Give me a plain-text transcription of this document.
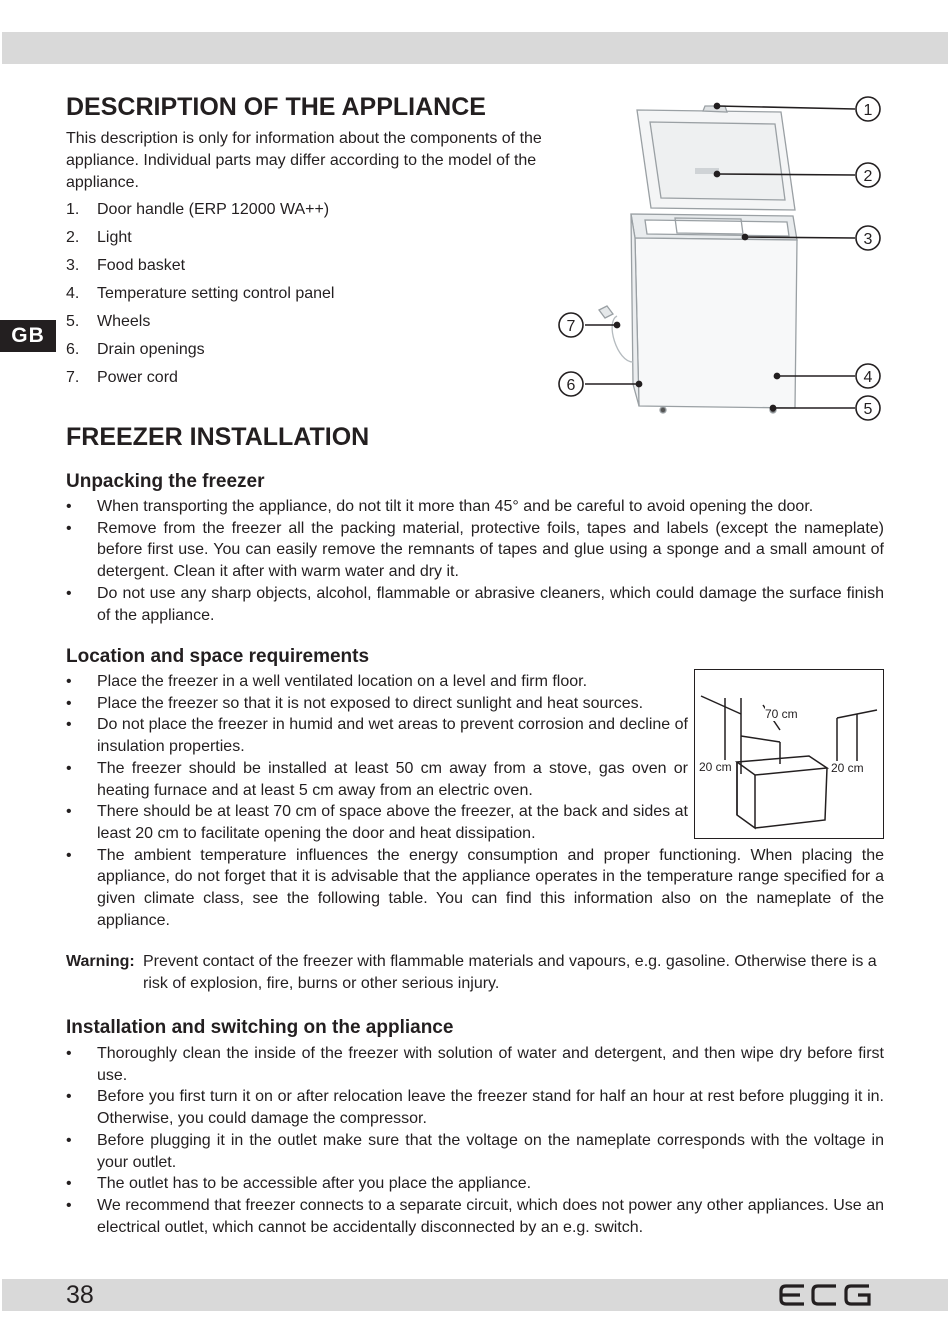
DESCRIPTION OF THE APPLIANCE

This description is only for information about the components of the appliance. Individual parts may differ according to the model of the appliance.

1. Door handle (ERP 12000 WA++)
2. Light
3. Food basket
4. Temperature setting control panel
5. Wheels
6. Drain openings
7. Power cord
GB
1
2
3
4
5
6
7
FREEZER INSTALLATION
Unpacking the freezer
• When transporting the appliance, do not tilt it more than 45° and be careful to avoid opening the door.
• Remove from the freezer all the packing material, protective foils, tapes and labels (except the nameplate) before first use. You can easily remove the remnants of tapes and glue using a sponge and a small amount of detergent. Clean it after with warm water and dry it.
• Do not use any sharp objects, alcohol, flammable or abrasive cleaners, which could damage the surface finish of the appliance.
Location and space requirements
• Place the freezer in a well ventilated location on a level and firm floor.
• Place the freezer so that it is not exposed to direct sunlight and heat sources.
• Do not place the freezer in humid and wet areas to prevent corrosion and decline of insulation properties.
• The freezer should be installed at least 50 cm away from a stove, gas oven or heating furnace and at least 5 cm away from an electric oven.
• There should be at least 70 cm of space above the freezer, at the back and sides at least 20 cm to facilitate opening the door and heat dissipation.
• The ambient temperature influences the energy consumption and proper functioning. When placing the appliance, do not forget that it is advisable that the appliance operates in the temperature range specified for a given climate class, see the following table. You can find this information also on the nameplate of the appliance.
70 cm
20 cm	20 cm
Warning: Prevent contact of the freezer with flammable materials and vapours, e.g. gasoline. Otherwise there is a risk of explosion, fire, burns or other serious injury.
Installation and switching on the appliance
• Thoroughly clean the inside of the freezer with solution of water and detergent, and then wipe dry before first use.
• Before you first turn it on or after relocation leave the freezer stand for half an hour at rest before plugging it in. Otherwise, you could damage the compressor.
• Before plugging it in the outlet make sure that the voltage on the nameplate corresponds with the voltage in your outlet.
• The outlet has to be accessible after you place the appliance.
• We recommend that freezer connects to a separate circuit, which does not power any other appliances. Use an electrical outlet, which cannot be accidentally disconnected by an e.g. switch.
38
